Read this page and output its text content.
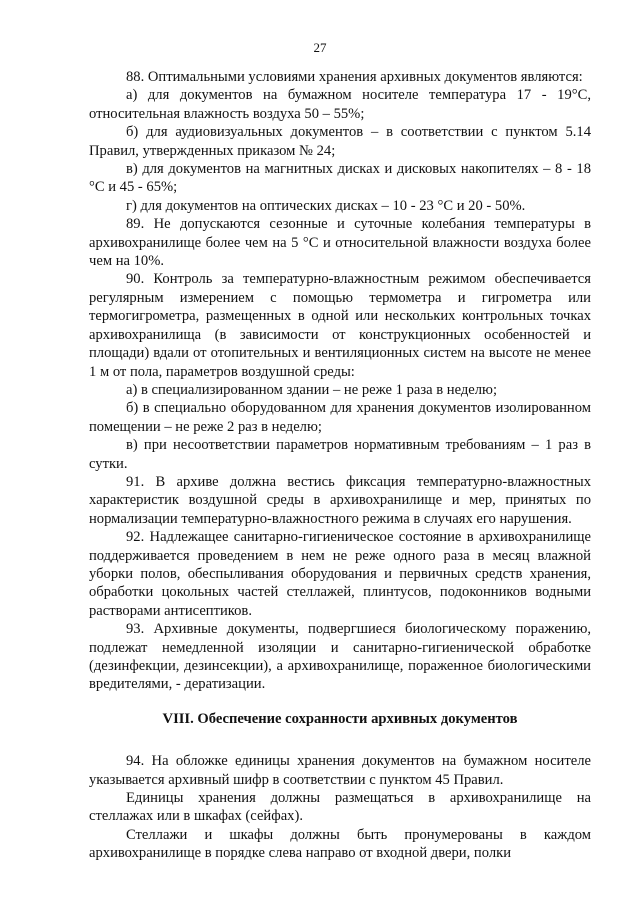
27

88. Оптимальными условиями хранения архивных документов являются:

а) для документов на бумажном носителе температура 17 - 19°С, относительная влажность воздуха 50 – 55%;

б) для аудиовизуальных документов – в соответствии с пунктом 5.14 Правил, утвержденных приказом № 24;

в) для документов на магнитных дисках и дисковых накопителях – 8 - 18 °С и 45 - 65%;

г) для документов на оптических дисках – 10 - 23 °С и 20 - 50%.

89. Не допускаются сезонные и суточные колебания температуры в архивохранилище более чем на 5 °С и относительной влажности воздуха более чем на 10%.

90. Контроль за температурно-влажностным режимом обеспечивается регулярным измерением с помощью термометра и гигрометра или термогигрометра, размещенных в одной или нескольких контрольных точках архивохранилища (в зависимости от конструкционных особенностей и площади) вдали от отопительных и вентиляционных систем на высоте не менее 1 м от пола, параметров воздушной среды:

а) в специализированном здании – не реже 1 раза в неделю;

б) в специально оборудованном для хранения документов изолированном помещении – не реже 2 раз в неделю;

в) при несоответствии параметров нормативным требованиям – 1 раз в сутки.

91. В архиве должна вестись фиксация температурно-влажностных характеристик воздушной среды в архивохранилище и мер, принятых по нормализации температурно-влажностного режима в случаях его нарушения.

92. Надлежащее санитарно-гигиеническое состояние в архивохранилище поддерживается проведением в нем не реже одного раза в месяц влажной уборки полов, обеспыливания оборудования и первичных средств хранения, обработки цокольных частей стеллажей, плинтусов, подоконников водными растворами антисептиков.

93. Архивные документы, подвергшиеся биологическому поражению, подлежат немедленной изоляции и санитарно-гигиенической обработке (дезинфекции, дезинсекции), а архивохранилище, пораженное биологическими вредителями, - дератизации.

VIII. Обеспечение сохранности архивных документов

94. На обложке единицы хранения документов на бумажном носителе указывается архивный шифр в соответствии с пунктом 45 Правил.

Единицы хранения должны размещаться в архивохранилище на стеллажах или в шкафах (сейфах).

Стеллажи и шкафы должны быть пронумерованы в каждом архивохранилище в порядке слева направо от входной двери, полки
